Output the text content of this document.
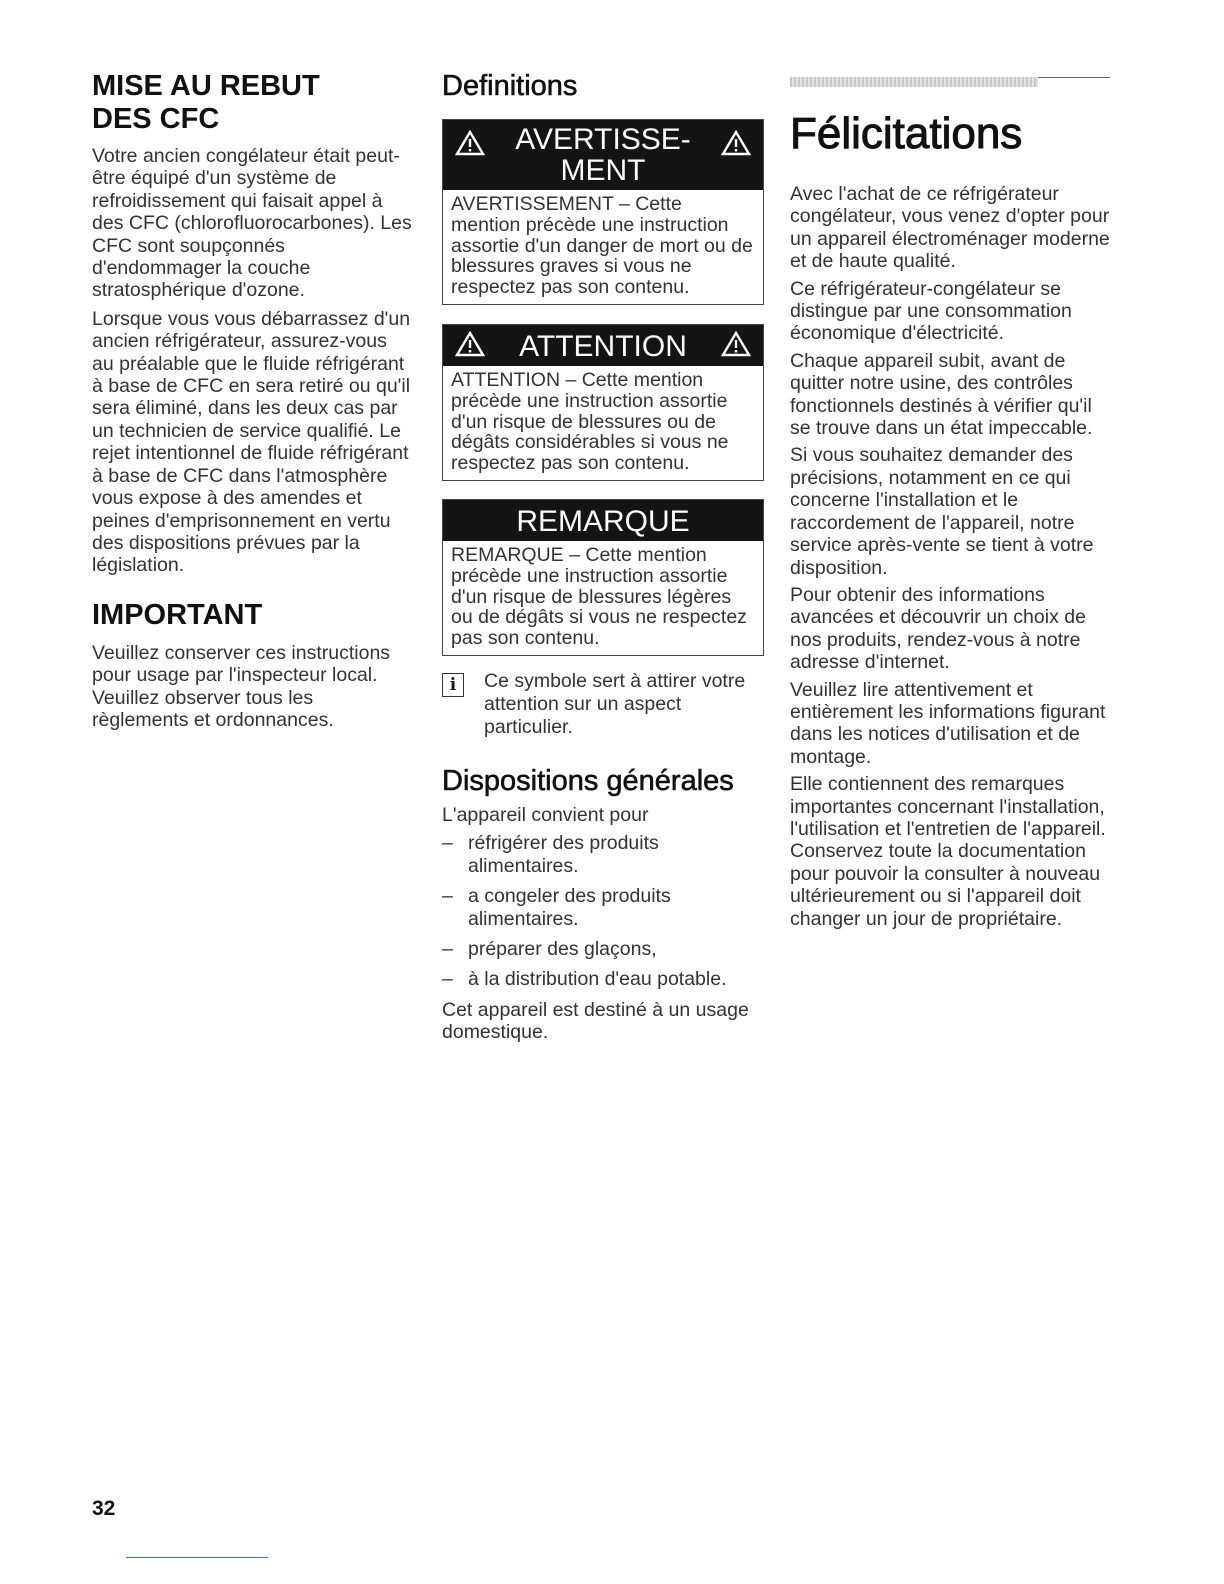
MISE AU REBUT
DES CFC

Votre ancien congélateur était peut-être équipé d'un système de refroidissement qui faisait appel à des CFC (chlorofluorocarbones). Les CFC sont soupçonnés d'endommager la couche stratosphérique d'ozone.

Lorsque vous vous débarrassez d'un ancien réfrigérateur, assurez-vous au préalable que le fluide réfrigérant à base de CFC en sera retiré ou qu'il sera éliminé, dans les deux cas par un technicien de service qualifié. Le rejet intentionnel de fluide réfrigérant à base de CFC dans l'atmosphère vous expose à des amendes et peines d'emprisonnement en vertu des dispositions prévues par la législation.

IMPORTANT

Veuillez conserver ces instructions pour usage par l'inspecteur local. Veuillez observer tous les règlements et ordonnances.

Definitions
AVERTISSE-
MENT
AVERTISSEMENT – Cette mention précède une instruction assortie d'un danger de mort ou de blessures graves si vous ne respectez pas son contenu.
ATTENTION
ATTENTION – Cette mention précède une instruction assortie d'un risque de blessures ou de dégâts considérables si vous ne respectez pas son contenu.
REMARQUE
REMARQUE – Cette mention précède une instruction assortie d'un risque de blessures légères ou de dégâts si vous ne respectez pas son contenu.
i	Ce symbole sert à attirer votre attention sur un aspect particulier.

Dispositions générales

L'appareil convient pour

– réfrigérer des produits alimentaires.
– a congeler des produits alimentaires.
– préparer des glaçons,
– à la distribution d'eau potable.

Cet appareil est destiné à un usage domestique.

Félicitations

Avec l'achat de ce réfrigérateur congélateur, vous venez d'opter pour un appareil électroménager moderne et de haute qualité.

Ce réfrigérateur-congélateur se distingue par une consommation économique d'électricité.

Chaque appareil subit, avant de quitter notre usine, des contrôles fonctionnels destinés à vérifier qu'il se trouve dans un état impeccable.

Si vous souhaitez demander des précisions, notamment en ce qui concerne l'installation et le raccordement de l'appareil, notre service après-vente se tient à votre disposition.

Pour obtenir des informations avancées et découvrir un choix de nos produits, rendez-vous à notre adresse d'internet.

Veuillez lire attentivement et entièrement les informations figurant dans les notices d'utilisation et de montage.

Elle contiennent des remarques importantes concernant l'installation, l'utilisation et l'entretien de l'appareil. Conservez toute la documentation pour pouvoir la consulter à nouveau ultérieurement ou si l'appareil doit changer un jour de propriétaire.

32
